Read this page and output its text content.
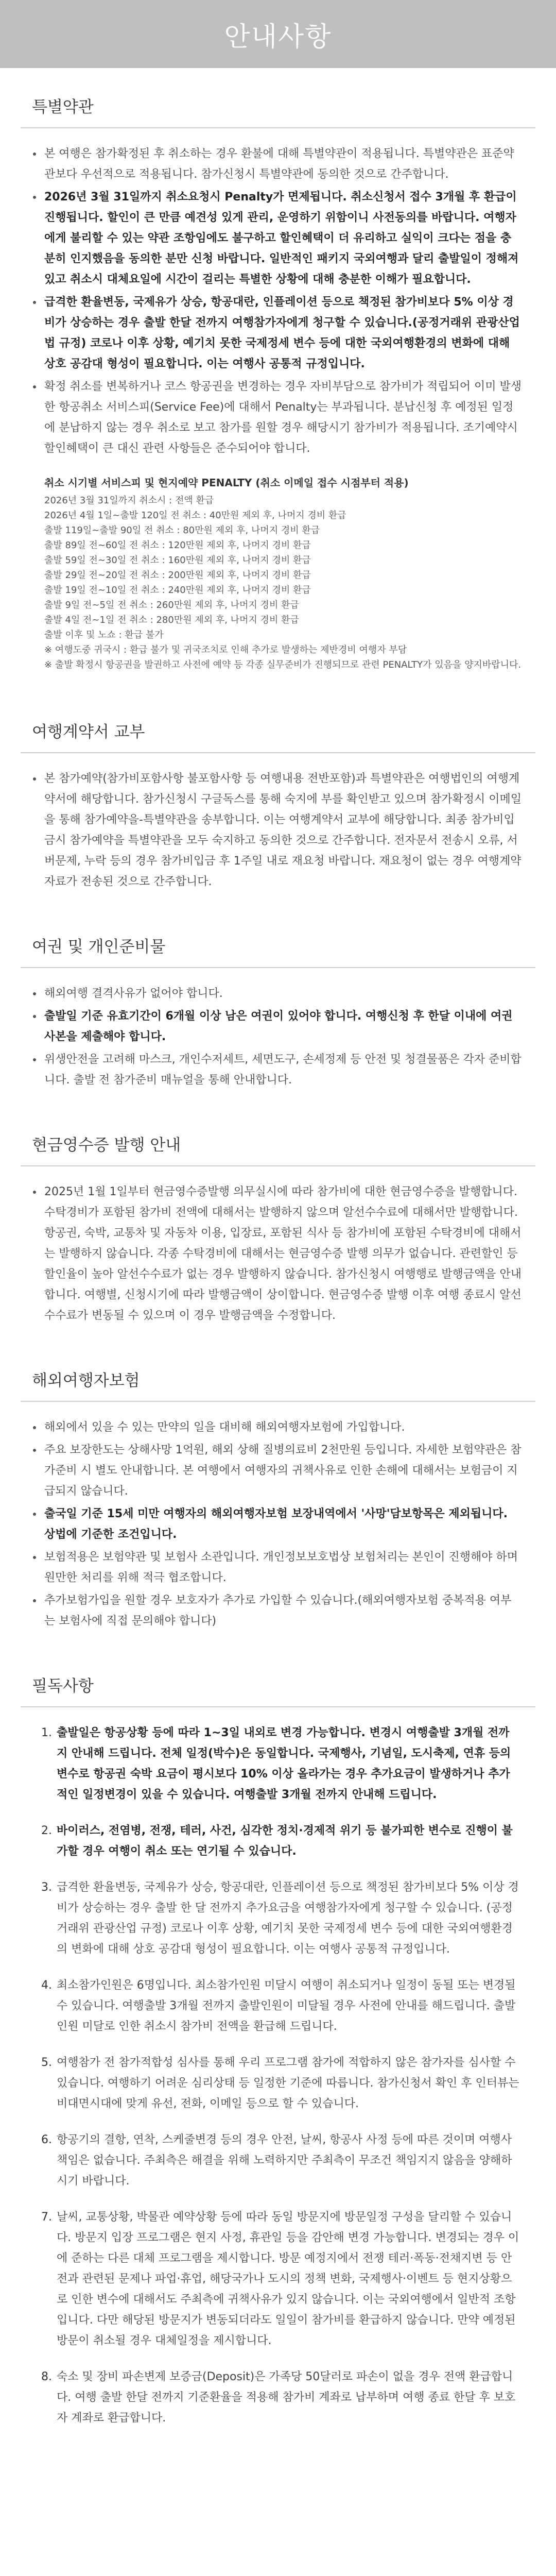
안내사항
특별약관
본 여행은 참가확정된 후 취소하는 경우 환불에 대해 특별약관이 적용됩니다. 특별약관은 표준약관보다 우선적으로 적용됩니다. 참가신청시 특별약관에 동의한 것으로 간주합니다.
2026년 3월 31일까지 취소요청시 Penalty가 면제됩니다. 취소신청서 접수 3개월 후 환급이 진행됩니다. 할인이 큰 만큼 예견성 있게 관리, 운영하기 위함이니 사전동의를 바랍니다. 여행자에게 불리할 수 있는 약관 조항임에도 불구하고 할인혜택이 더 유리하고 실익이 크다는 점을 충분히 인지했음을 동의한 분만 신청 바랍니다. 일반적인 패키지 국외여행과 달리 출발일이 정해져 있고 취소시 대체요일에 시간이 걸리는 특별한 상황에 대해 충분한 이해가 필요합니다.
급격한 환율변동, 국제유가 상승, 항공대란, 인플레이션 등으로 책정된 참가비보다 5% 이상 경비가 상승하는 경우 출발 한달 전까지 여행참가자에게 청구할 수 있습니다.(공정거래위 관광산업법 규정) 코로나 이후 상황, 예기치 못한 국제정세 변수 등에 대한 국외여행환경의 변화에 대해 상호 공감대 형성이 필요합니다. 이는 여행사 공통적 규정입니다.
확정 취소를 변복하거나 코스 항공권을 변경하는 경우 자비부담으로 참가비가 적립되어 이미 발생한 항공취소 서비스피(Service Fee)에 대해서 Penalty는 부과됩니다. 분납신청 후 예정된 일정에 분납하지 않는 경우 취소로 보고 참가를 원할 경우 해당시기 참가비가 적용됩니다. 조기예약시 할인혜택이 큰 대신 관련 사항들은 준수되어야 합니다.
취소 시기별 서비스피 및 현지예약 PENALTY (취소 이메일 접수 시점부터 적용)
2026년 3월 31일까지 취소시 : 전액 환급
2026년 4월 1일~출발 120일 전 취소 : 40만원 제외 후, 나머지 경비 환급
출발 119일~출발 90일 전 취소 : 80만원 제외 후, 나머지 경비 환급
출발 89일 전~60일 전 취소 : 120만원 제외 후, 나머지 경비 환급
출발 59일 전~30일 전 취소 : 160만원 제외 후, 나머지 경비 환급
출발 29일 전~20일 전 취소 : 200만원 제외 후, 나머지 경비 환급
출발 19일 전~10일 전 취소 : 240만원 제외 후, 나머지 경비 환급
출발 9일 전~5일 전 취소 : 260만원 제외 후, 나머지 경비 환급
출발 4일 전~1일 전 취소 : 280만원 제외 후, 나머지 경비 환급
출발 이후 및 노쇼 : 환급 불가
※ 여행도중 귀국시 : 환급 불가 및 귀국조치로 인해 추가로 발생하는 제반경비 여행자 부담
※ 출발 확정시 항공권을 발권하고 사전에 예약 등 각종 실무준비가 진행되므로 관련 PENALTY가 있음을 양지바랍니다.
여행계약서 교부
본 참가예약(참가비포함사항 불포함사항 등 여행내용 전반포함)과 특별약관은 여행법인의 여행계약서에 해당합니다. 참가신청시 구글독스를 통해 숙지에 부를 확인받고 있으며 참가확정시 이메일을 통해 참가예약을-특별약관을 송부합니다. 이는 여행계약서 교부에 해당합니다. 최종 참가비입금시 참가예약을 특별약관을 모두 숙지하고 동의한 것으로 간주합니다. 전자문서 전송시 오류, 서버문제, 누락 등의 경우 참가비입금 후 1주일 내로 재요청 바랍니다. 재요청이 없는 경우 여행계약 자료가 전송된 것으로 간주합니다.
여권 및 개인준비물
해외여행 결격사유가 없어야 합니다.
출발일 기준 유효기간이 6개월 이상 남은 여권이 있어야 합니다. 여행신청 후 한달 이내에 여권사본을 제출해야 합니다.
위생안전을 고려해 마스크, 개인수저세트, 세면도구, 손세정제 등 안전 및 청결물품은 각자 준비합니다. 출발 전 참가준비 매뉴얼을 통해 안내합니다.
현금영수증 발행 안내
2025년 1월 1일부터 현금영수증발행 의무실시에 따라 참가비에 대한 현금영수증을 발행합니다. 수탁경비가 포함된 참가비 전액에 대해서는 발행하지 않으며 알선수수료에 대해서만 발행합니다. 항공권, 숙박, 교통차 및 자동차 이용, 입장료, 포함된 식사 등 참가비에 포함된 수탁경비에 대해서는 발행하지 않습니다. 각종 수탁경비에 대해서는 현금영수증 발행 의무가 없습니다. 관련할인 등 할인율이 높아 알선수수료가 없는 경우 발행하지 않습니다. 참가신청시 여행행로 발행금액을 안내합니다. 여행별, 신청시기에 따라 발행금액이 상이합니다. 현금영수증 발행 이후 여행 종료시 알선수수료가 변동될 수 있으며 이 경우 발행금액을 수정합니다.
해외여행자보험
해외에서 있을 수 있는 만약의 일을 대비해 해외여행자보험에 가입합니다.
주요 보장한도는 상해사망 1억원, 해외 상해 질병의료비 2천만원 등입니다. 자세한 보험약관은 참가준비 시 별도 안내합니다. 본 여행에서 여행자의 귀책사유로 인한 손해에 대해서는 보험금이 지급되지 않습니다.
출국일 기준 15세 미만 여행자의 해외여행자보험 보장내역에서 '사망'담보항목은 제외됩니다. 상법에 기준한 조건입니다.
보험적용은 보험약관 및 보험사 소관입니다. 개인정보보호법상 보험처리는 본인이 진행해야 하며 원만한 처리를 위해 적극 협조합니다.
추가보험가입을 원할 경우 보호자가 추가로 가입할 수 있습니다.(해외여행자보험 중복적용 여부는 보험사에 직접 문의해야 합니다)
필독사항
1. 출발일은 항공상황 등에 따라 1~3일 내외로 변경 가능합니다. 변경시 여행출발 3개월 전까지 안내해 드립니다. 전체 일정(박수)은 동일합니다. 국제행사, 기념일, 도시축제, 연휴 등의 변수로 항공권 숙박 요금이 평시보다 10% 이상 올라가는 경우 추가요금이 발생하거나 추가적인 일정변경이 있을 수 있습니다. 여행출발 3개월 전까지 안내해 드립니다.
2. 바이러스, 전염병, 전쟁, 테러, 사건, 심각한 정치·경제적 위기 등 불가피한 변수로 진행이 불가할 경우 여행이 취소 또는 연기될 수 있습니다.
3. 급격한 환율변동, 국제유가 상승, 항공대란, 인플레이션 등으로 책정된 참가비보다 5% 이상 경비가 상승하는 경우 출발 한 달 전까지 추가요금을 여행참가자에게 청구할 수 있습니다. (공정거래위 관광산업 규정) 코로나 이후 상황, 예기치 못한 국제정세 변수 등에 대한 국외여행환경의 변화에 대해 상호 공감대 형성이 필요합니다. 이는 여행사 공통적 규정입니다.
4. 최소참가인원은 6명입니다. 최소참가인원 미달시 여행이 취소되거나 일정이 동될 또는 변경될 수 있습니다. 여행출발 3개월 전까지 출발인원이 미달될 경우 사전에 안내를 해드립니다. 출발인원 미달로 인한 취소시 참가비 전액을 환급해 드립니다.
5. 여행참가 전 참가적합성 심사를 통해 우리 프로그램 참가에 적합하지 않은 참가자를 심사할 수 있습니다. 여행하기 어려운 심리상태 등 일정한 기준에 따릅니다. 참가신청서 확인 후 인터뷰는 비대면시대에 맞게 유선, 전화, 이메일 등으로 할 수 있습니다.
6. 항공기의 결항, 연착, 스케줄변경 등의 경우 안전, 날씨, 항공사 사정 등에 따른 것이며 여행사 책임은 없습니다. 주최측은 해결을 위해 노력하지만 주최측이 무조건 책임지지 않음을 양해하시기 바랍니다.
7. 날씨, 교통상황, 박물관 예약상황 등에 따라 동일 방문지에 방문일정 구성을 달리할 수 있습니다. 방문지 입장 프로그램은 현지 사정, 휴관일 등을 감안해 변경 가능합니다. 변경되는 경우 이에 준하는 다른 대체 프로그램을 제시합니다. 방문 예정지에서 전쟁 테러·폭동·전채지변 등 안전과 관련된 문제나 파업·휴업, 해당국가나 도시의 정책 변화, 국제행사·이벤트 등 현지상황으로 인한 변수에 대해서도 주최측에 귀책사유가 있지 않습니다. 이는 국외여행에서 일반적 조항입니다. 다만 해당된 방문지가 변동되더라도 일일이 참가비를 환급하지 않습니다. 만약 예정된 방문이 취소될 경우 대체일정을 제시합니다.
8. 숙소 및 장비 파손변제 보증금(Deposit)은 가족당 50달러로 파손이 없을 경우 전액 환급합니다. 여행 출발 한달 전까지 기준환율을 적용해 참가비 계좌로 납부하며 여행 종료 한달 후 보호자 계좌로 환급합니다.
